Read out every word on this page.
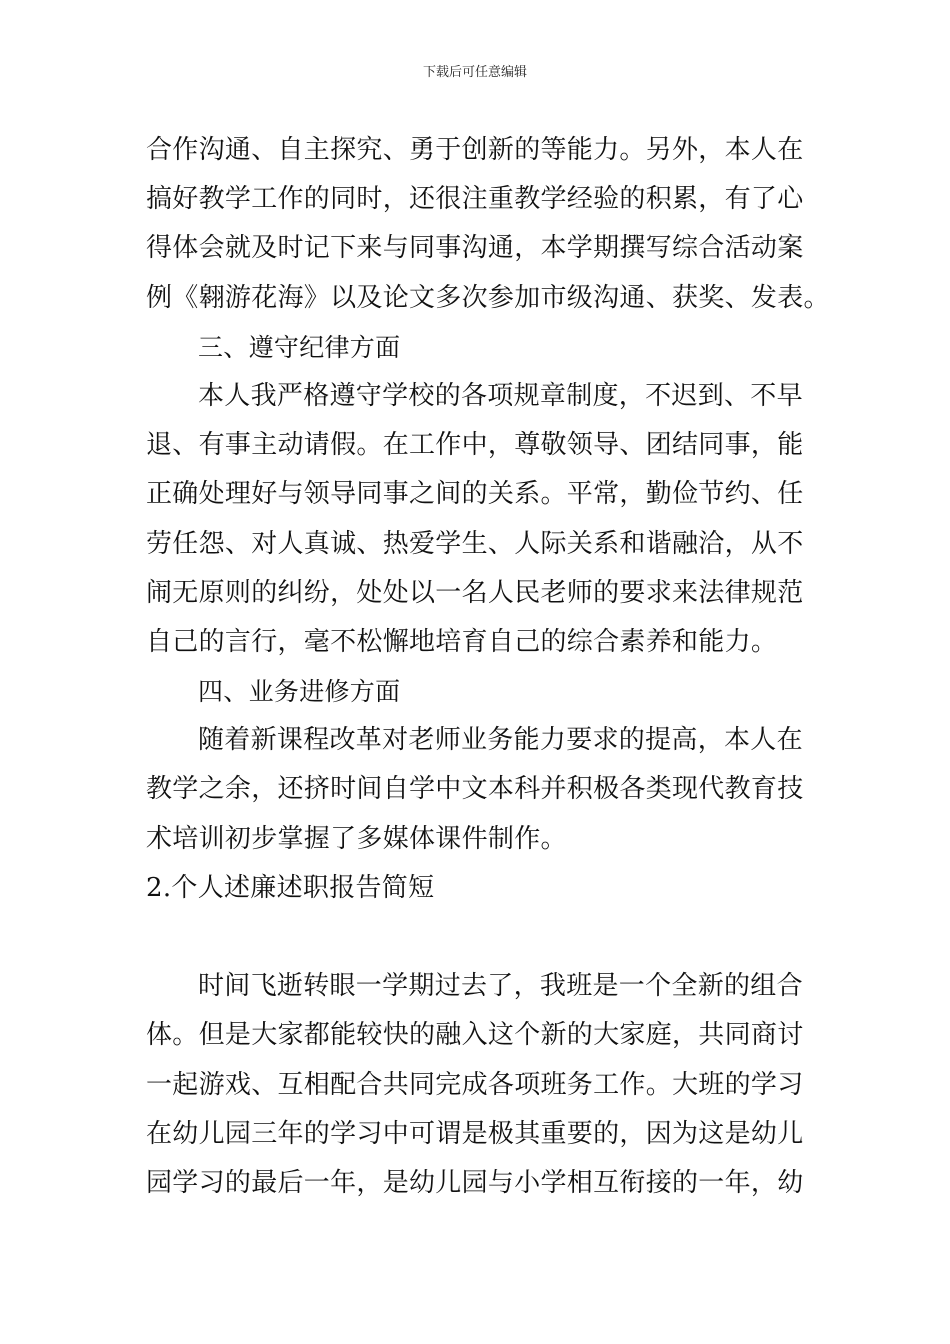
下载后可任意编辑
合作沟通、自主探究、勇于创新的等能力。另外，本人在
搞好教学工作的同时，还很注重教学经验的积累，有了心
得体会就及时记下来与同事沟通，本学期撰写综合活动案
例《翱游花海》以及论文多次参加市级沟通、获奖、发表。
三、遵守纪律方面
本人我严格遵守学校的各项规章制度，不迟到、不早
退、有事主动请假。在工作中，尊敬领导、团结同事，能
正确处理好与领导同事之间的关系。平常，勤俭节约、任
劳任怨、对人真诚、热爱学生、人际关系和谐融洽，从不
闹无原则的纠纷，处处以一名人民老师的要求来法律规范
自己的言行，毫不松懈地培育自己的综合素养和能力。
四、业务进修方面
随着新课程改革对老师业务能力要求的提高，本人在
教学之余，还挤时间自学中文本科并积极各类现代教育技
术培训初步掌握了多媒体课件制作。
2.个人述廉述职报告简短
时间飞逝转眼一学期过去了，我班是一个全新的组合
体。但是大家都能较快的融入这个新的大家庭，共同商讨
一起游戏、互相配合共同完成各项班务工作。大班的学习
在幼儿园三年的学习中可谓是极其重要的，因为这是幼儿
园学习的最后一年，是幼儿园与小学相互衔接的一年，幼
